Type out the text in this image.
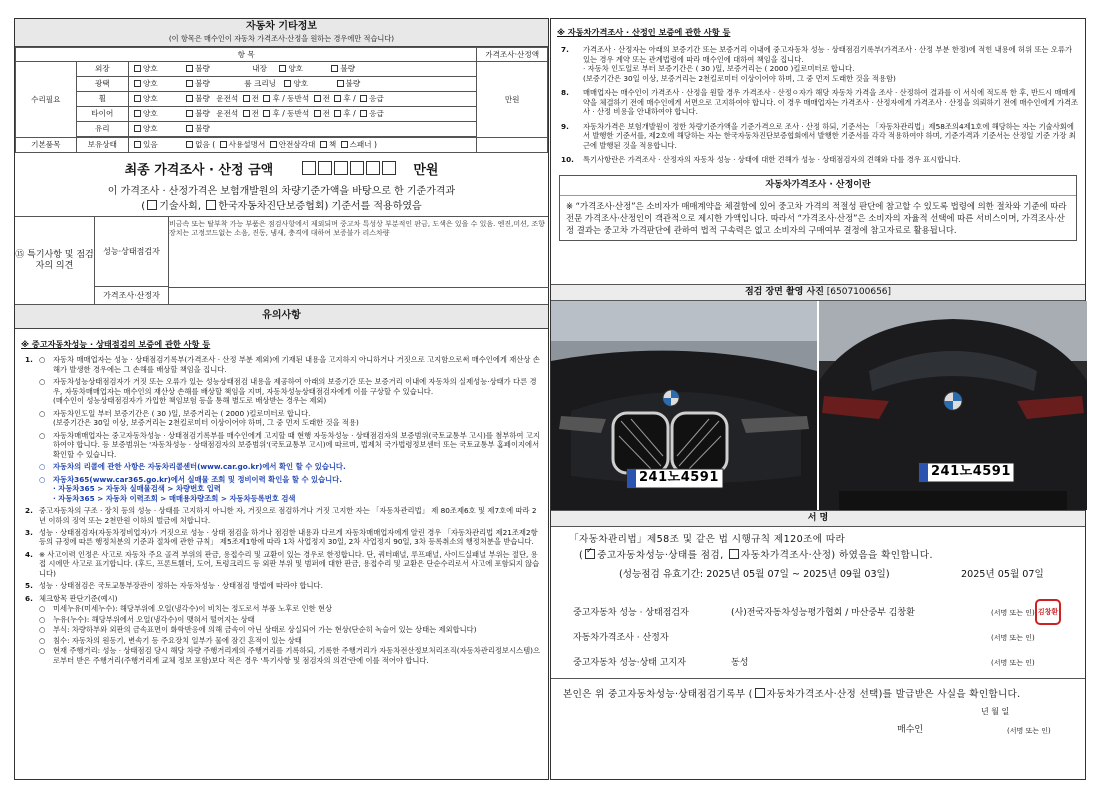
자동차 기타정보
(이 항목은 매수인이 자동차 가격조사·산정을 원하는 경우에만 적습니다)
항 목			가격조사·산정액
수리필요	외장	양호 불량 내장 양호 불량	만원
	광택	양호 불량 룸 크리닝 양호 불량	
	휠	양호 불량 운전석 전 후 / 동반석 전 후 / 응급	
	타이어	양호 불량 운전석 전 후 / 동반석 전 후 / 응급	
	유리	양호 불량	

기본품목	보유상태	있음 없음 ( 사용설명서 안전삼각대 책 스패너 )	
최종 가격조사 · 산정 금액	만원
이 가격조사 · 산정가격은 보험개발원의 차량기준가액을 바탕으로 한 기준가격과
( 기술사회, 한국자동차진단보증협회) 기준서를 적용하였음
⑮ 특기사항 및 점검자의 의견
성능·상태점검자
비금속 또는 탈부착 가능 부품은 점검사항에서 제외되며 중고차 특성상 부분적인 판금, 도색은 있을 수 있음. 엔진,미션, 조향장치는 고정코드없는 소음, 진동, 냄새, 충격에 대하여 보증불가 리스차량
가격조사·산정자
유의사항
※ 중고자동차성능 · 상태점검의 보증에 관한 사항 등
1. ○ 자동차 매매업자는 성능 · 상태점검기록부(가격조사 · 산정 부분 제외)에 기재된 내용을 고지하지 아니하거나 거짓으로 고지함으로써 매수인에게 재산상 손해가 발생한 경우에는 그 손해를 배상할 책임을 집니다.
○ 자동차성능상태점검자가 거짓 또는 오류가 있는 성능상태점검 내용을 제공하여 아래의 보증기간 또는 보증거리 이내에 자동차의 실제성능·상태가 다른 경우, 자동차매매업자는 매수인의 재산상 손해를 배상할 책임을 지며, 자동차성능상태점검자에게 이를 구상할 수 있습니다.
(매수인이 성능상태점검자가 가입한 책임보험 등을 통해 별도로 배상받는 경우는 제외)
○ 자동차인도일 부터 보증기간은 ( 30 )일, 보증거리는 ( 2000 )킬로미터로 합니다.
(보증기간은 30일 이상, 보증거리는 2천킬로미터 이상이어야 하며, 그 중 먼저 도래한 것을 적용)
○ 자동차매매업자는 중고자동차성능 · 상태점검기록부를 매수인에게 고지할 때 현행 자동차성능 · 상태점검자의 보증범위(국토교통부 고시)를 첨부하여 고지하여야 합니다. 등 보증범위는 '자동차성능 · 상태점검자의 보증범위'(국토교통부 고시)에 따르며, 법제처 국가법령정보센터 또는 국토교통부 홈페이지에서 확인할 수 있습니다.
○ 자동차의 리콜에 관한 사항은 자동차리콜센터(www.car.go.kr)에서 확인 할 수 있습니다.
○ 자동차365(www.car365.go.kr)에서 실매물 조회 및 정비이력 확인을 할 수 있습니다.
· 자동차365 > 자동차 실매물검색 > 차량번호 입력
· 자동차365 > 자동차 이력조회 > 매매용차량조회 > 자동차등록번호 검색
2. 중고자동차의 구조 · 장치 등의 성능 · 상태를 고지하지 아니한 자, 거짓으로 점검하거나 거짓 고지한 자는 「자동차관리법」 제 80조제6호 및 제7호에 따라 2년 이하의 징역 또는 2천만원 이하의 벌금에 처합니다.
3. 성능 · 상태점검자(자동차정비업자)가 거짓으로 성능 · 상태 점검을 하거나 점검한 내용과 다르게 자동차매매업자에게 알린 경우 「자동차관리법 제21조제2항 등의 규정에 따른 행정처분의 기준과 절차에 관한 규칙」 제5조제1항에 따라 1차 사업정지 30일, 2차 사업정지 90일, 3차 등록취소의 행정처분을 받습니다.
4. ※ 사고이력 인정은 사고로 자동차 주요 골격 부위의 판금, 용접수리 및 교환이 있는 경우로 한정합니다. 단, 쿼터패널, 루프패널, 사이드실패널 부위는 절단, 용접 시에만 사고로 표기합니다. (후드, 프론트휀더, 도어, 트렁크리드 등 외판 부위 및 범퍼에 대한 판금, 용접수리 및 교환은 단순수리로서 사고에 포함되지 않습니다)
5. 성능 · 상태점검은 국토교통부장관이 정하는 자동차성능 · 상태점검 방법에 따라야 합니다.
6. 체크항목 판단기준(예시)
○ 미세누유(미세누수): 해당부위에 오일(냉각수)이 비치는 정도로서 부품 노후로 인한 현상
○ 누유(누수): 해당부위에서 오일(냉각수)이 맺혀서 떨어지는 상태
○ 부식: 차량하부와 외판의 금속표면이 화학반응에 의해 금속이 아닌 상태로 상실되어 가는 현상(단순히 녹슬어 있는 상태는 제외합니다)
○ 침수: 자동차의 원동기, 변속기 등 주요장치 일부가 물에 잠긴 흔적이 있는 상태
○ 현재 주행거리: 성능 · 상태점검 당시 해당 차량 주행거리계의 주행거리를 기록하되, 기록한 주행거리가 자동차전산정보처리조직(자동차관리정보시스템)으로부터 받은 주행거리(주행거리계 교체 정보 포함)보다 적은 경우 '특기사항 및 점검자의 의견'란에 이를 적어야 합니다.
※ 자동차가격조사 · 산정인 보증에 관한 사항 등
7. 가격조사 · 산정자는 아래의 보증기간 또는 보증거리 이내에 중고자동차 성능 · 상태점검기록부(가격조사 · 산정 부분 한정)에 적힌 내용에 허위 또는 오류가 있는 경우 계약 또는 관계법령에 따라 매수인에 대하여 책임을 집니다.
· 자동차 인도일로 부터 보증기간은 ( 30 )일, 보증거리는 ( 2000 )킬로미터로 합니다.
(보증기간은 30일 이상, 보증거리는 2천킬로미터 이상이어야 하며, 그 중 먼저 도래한 것을 적용함)
8. 매매업자는 매수인이 가격조사 · 산정을 원할 경우 가격조사 · 산정ㅇ자가 해당 자동차 가격을 조사 · 산정하여 결과를 이 서식에 적도록 한 후, 반드시 매매계약을 체결하기 전에 매수인에게 서면으로 고지하여야 합니다. 이 경우 매매업자는 가격조사 · 산정자에게 가격조사 · 산정을 의뢰하기 전에 매수인에게 가격조사 · 산정 비용을 안내하여야 합니다.
9. 자동차가격은 보험개발원이 정한 차량기준가액을 기준가격으로 조사 · 산정 하되, 기준서는 「자동차관리법」제58조의4제1호에 해당하는 자는 기술사회에서 발행한 기준서를, 제2호에 해당하는 자는 한국자동차진단보증협회에서 발행한 기준서를 각각 적용하여야 하며, 기준가격과 기준서는 산정일 기준 가장 최근에 발행된 것을 적용합니다.
10. 특기사항란은 가격조사 · 산정자의 자동차 성능 · 상태에 대한 견해가 성능 · 상태점검자의 견해와 다를 경우 표시합니다.
자동차가격조사 · 산정이란
※ “가격조사·산정”은 소비자가 매매계약을 체결함에 있어 중고차 가격의 적절성 판단에 참고할 수 있도록 법령에 의한 절차와 기준에 따라 전문 가격조사·산정인이 객관적으로 제시한 가액입니다. 따라서 “가격조사·산정”은 소비자의 자율적 선택에 따른 서비스이며, 가격조사·산정 결과는 중고차 가격판단에 관하여 법적 구속력은 없고 소비자의 구매여부 결정에 참고자료로 활용됩니다.
점검 장면 촬영 사진 [6507100656]
241노4591	241노4591
서 명
「자동차관리법」제58조 및 같은 법 시행규칙 제120조에 따라
( ✓ 중고자동차성능·상태를 점검, 자동차가격조사·산정) 하였음을 확인합니다.
(성능점검 유효기간: 2025년 05월 07일 ~ 2025년 09월 03일)	2025년 05월 07일
중고자동차 성능 · 상태점검자	(사)전국자동차성능평가협회 / 마산중부 김창환	(서명 또는 인) 김창환
자동차가격조사 · 산정자	(서명 또는 인)
중고자동차 성능·상태 고지자	동성	(서명 또는 인)
본인은 위 중고자동차성능·상태점검기록부 ( 자동차가격조사·산정 선택)를 발급받은 사실을 확인합니다.
년 월 일
매수인	(서명 또는 인)
